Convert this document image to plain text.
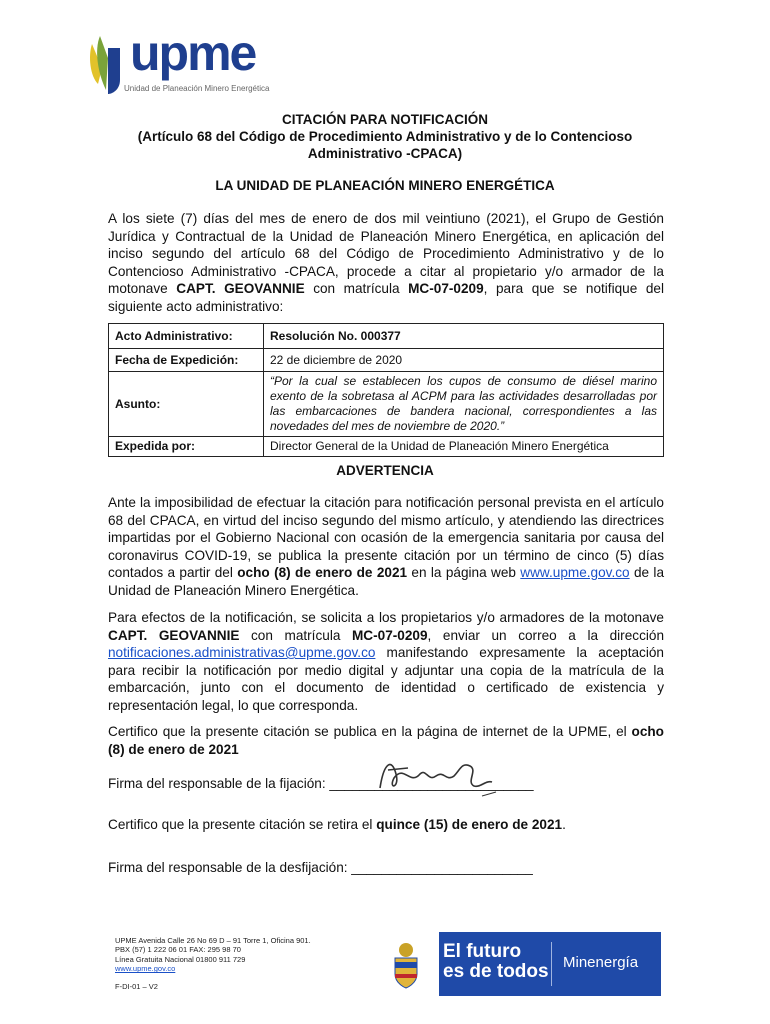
upme
Unidad de Planeación Minero Energética
CITACIÓN PARA NOTIFICACIÓN
(Artículo 68 del Código de Procedimiento Administrativo y de lo Contencioso
Administrativo -CPACA)
LA UNIDAD DE PLANEACIÓN MINERO ENERGÉTICA
A los siete (7) días del mes de enero de dos mil veintiuno (2021), el Grupo de Gestión Jurídica y Contractual de la Unidad de Planeación Minero Energética, en aplicación del inciso segundo del artículo 68 del Código de Procedimiento Administrativo y de lo Contencioso Administrativo -CPACA, procede a citar al propietario y/o armador de la motonave CAPT. GEOVANNIE con matrícula MC-07-0209, para que se notifique del siguiente acto administrativo:
Acto Administrativo:	Resolución No. 000377
Fecha de Expedición:	22 de diciembre de 2020
Asunto:	“Por la cual se establecen los cupos de consumo de diésel marino exento de la sobretasa al ACPM para las actividades desarrolladas por las embarcaciones de bandera nacional, correspondientes a las novedades del mes de noviembre de 2020.”
Expedida por:	Director General de la Unidad de Planeación Minero Energética
ADVERTENCIA
Ante la imposibilidad de efectuar la citación para notificación personal prevista en el artículo 68 del CPACA, en virtud del inciso segundo del mismo artículo, y atendiendo las directrices impartidas por el Gobierno Nacional con ocasión de la emergencia sanitaria por causa del coronavirus COVID-19, se publica la presente citación por un término de cinco (5) días contados a partir del ocho (8) de enero de 2021 en la página web www.upme.gov.co de la Unidad de Planeación Minero Energética.
Para efectos de la notificación, se solicita a los propietarios y/o armadores de la motonave CAPT. GEOVANNIE con matrícula MC-07-0209, enviar un correo a la dirección notificaciones.administrativas@upme.gov.co manifestando expresamente la aceptación para recibir la notificación por medio digital y adjuntar una copia de la matrícula de la embarcación, junto con el documento de identidad o certificado de existencia y representación legal, lo que corresponda.
Certifico que la presente citación se publica en la página de internet de la UPME, el ocho (8) de enero de 2021
Firma del responsable de la fijación: ___________________________
Certifico que la presente citación se retira el quince (15) de enero de 2021.
Firma del responsable de la desfijación: ________________________
UPME Avenida Calle 26 No 69 D – 91 Torre 1, Oficina 901.
PBX (57) 1 222 06 01 FAX: 295 98 70
Línea Gratuita Nacional 01800 911 729
www.upme.gov.co
F-DI-01 – V2
El futuro
es de todos Minenergía
